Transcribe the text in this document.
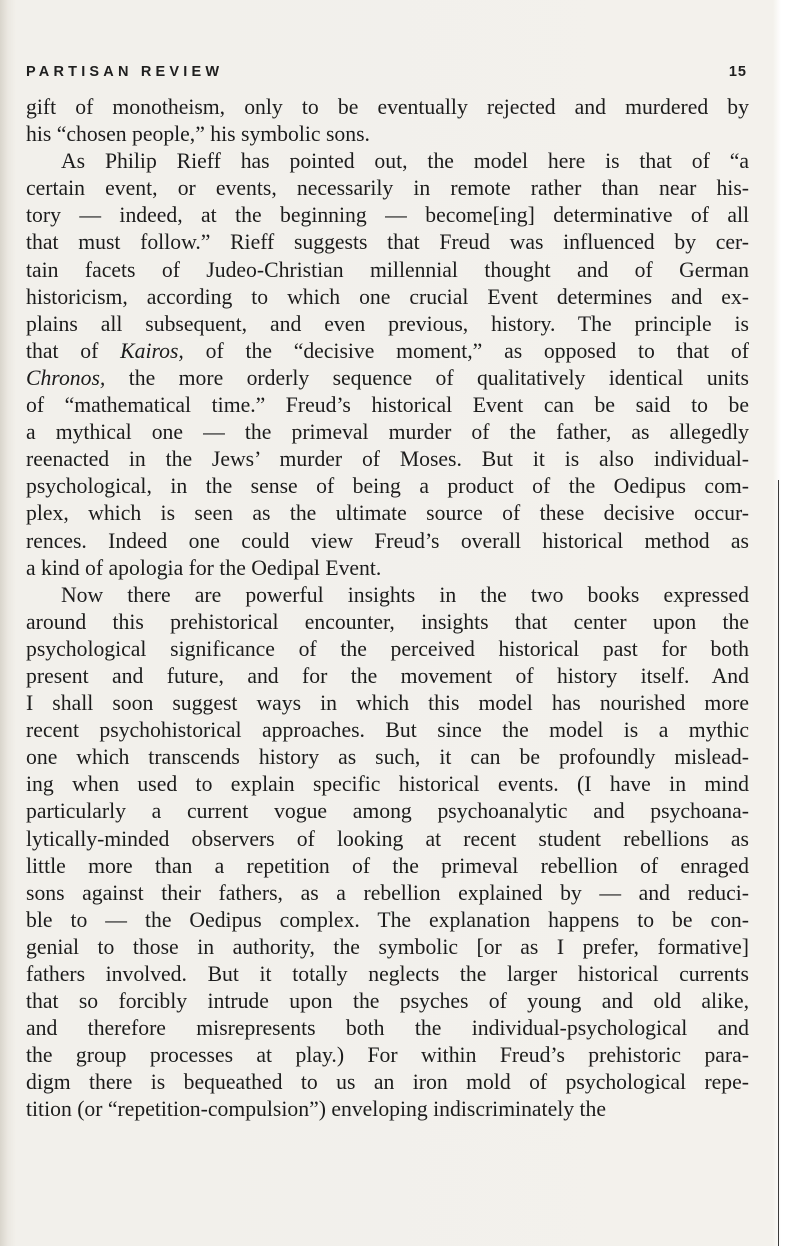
PARTISAN REVIEW	15
gift of monotheism, only to be eventually rejected and murdered by
his “chosen people,” his symbolic sons.
As Philip Rieff has pointed out, the model here is that of “a
certain event, or events, necessarily in remote rather than near his-
tory — indeed, at the beginning — become[ing] determinative of all
that must follow.” Rieff suggests that Freud was influenced by cer-
tain facets of Judeo-Christian millennial thought and of German
historicism, according to which one crucial Event determines and ex-
plains all subsequent, and even previous, history. The principle is
that of Kairos, of the “decisive moment,” as opposed to that of
Chronos, the more orderly sequence of qualitatively identical units
of “mathematical time.” Freud’s historical Event can be said to be
a mythical one — the primeval murder of the father, as allegedly
reenacted in the Jews’ murder of Moses. But it is also individual-
psychological, in the sense of being a product of the Oedipus com-
plex, which is seen as the ultimate source of these decisive occur-
rences. Indeed one could view Freud’s overall historical method as
a kind of apologia for the Oedipal Event.
Now there are powerful insights in the two books expressed
around this prehistorical encounter, insights that center upon the
psychological significance of the perceived historical past for both
present and future, and for the movement of history itself. And
I shall soon suggest ways in which this model has nourished more
recent psychohistorical approaches. But since the model is a mythic
one which transcends history as such, it can be profoundly mislead-
ing when used to explain specific historical events. (I have in mind
particularly a current vogue among psychoanalytic and psychoana-
lytically-minded observers of looking at recent student rebellions as
little more than a repetition of the primeval rebellion of enraged
sons against their fathers, as a rebellion explained by — and reduci-
ble to — the Oedipus complex. The explanation happens to be con-
genial to those in authority, the symbolic [or as I prefer, formative]
fathers involved. But it totally neglects the larger historical currents
that so forcibly intrude upon the psyches of young and old alike,
and therefore misrepresents both the individual-psychological and
the group processes at play.) For within Freud’s prehistoric para-
digm there is bequeathed to us an iron mold of psychological repe-
tition (or “repetition-compulsion”) enveloping indiscriminately the
